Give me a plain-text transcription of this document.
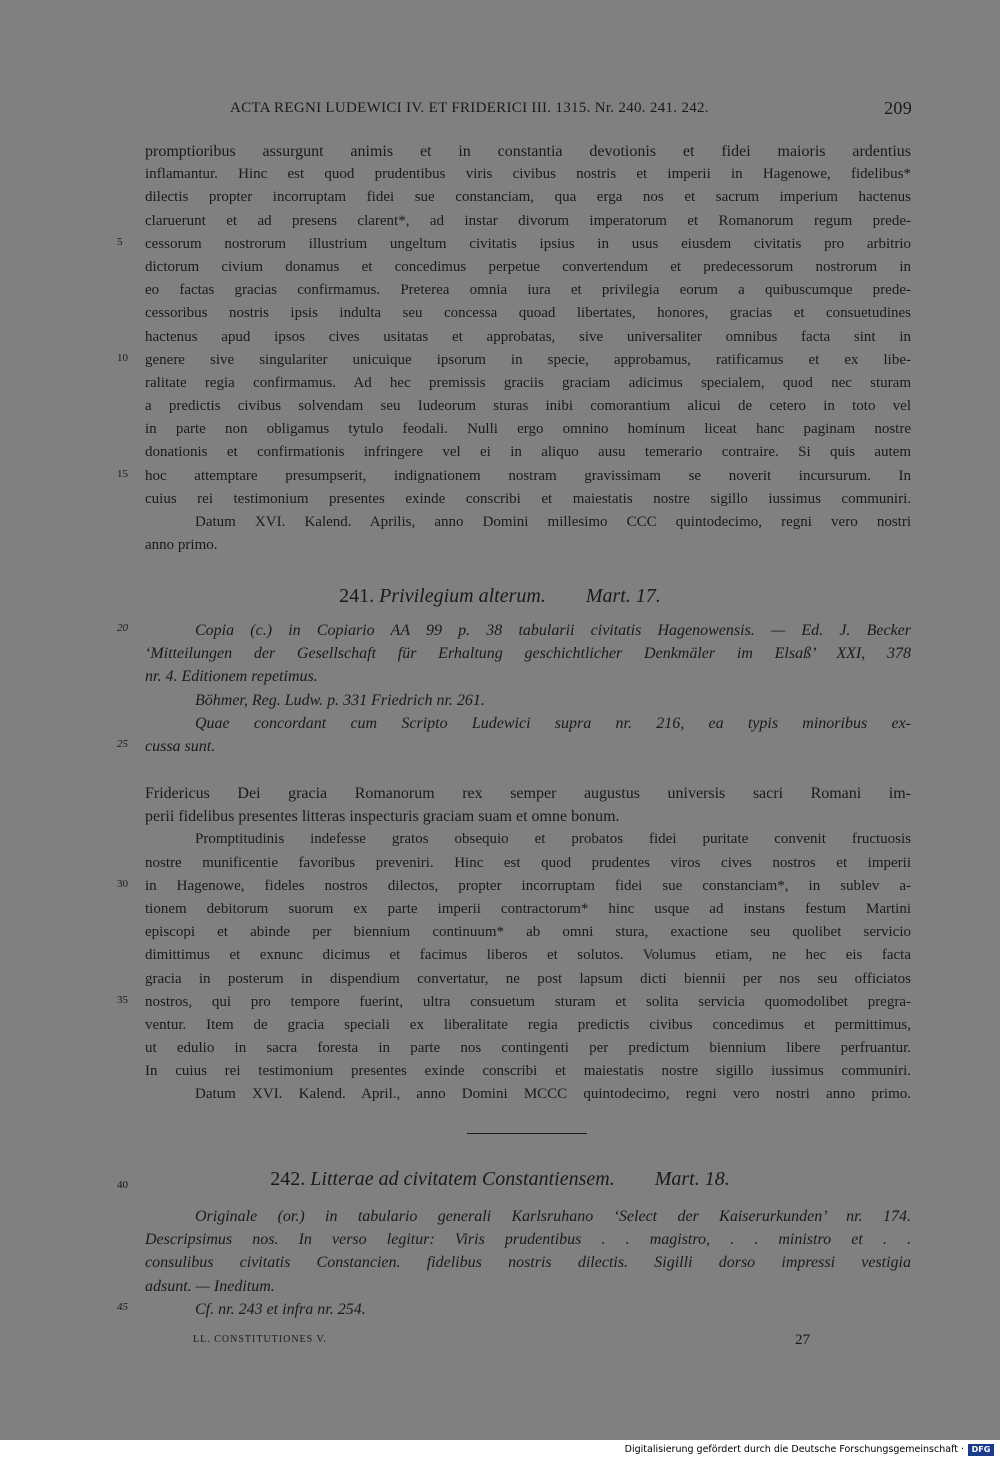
ACTA REGNI LUDEWICI IV. ET FRIDERICI III. 1315. Nr. 240. 241. 242.	209
promptioribus assurgunt animis et in constantia devotionis et fidei maioris ardentius
inflamantur. Hinc est quod prudentibus viris civibus nostris et imperii in Hagenowe, fidelibus*
dilectis propter incorruptam fidei sue constanciam, qua erga nos et sacrum imperium hactenus
claruerunt et ad presens clarent*, ad instar divorum imperatorum et Romanorum regum prede-
5 cessorum nostrorum illustrium ungeltum civitatis ipsius in usus eiusdem civitatis pro arbitrio
dictorum civium donamus et concedimus perpetue convertendum et predecessorum nostrorum in
eo factas gracias confirmamus. Preterea omnia iura et privilegia eorum a quibuscumque prede-
cessoribus nostris ipsis indulta seu concessa quoad libertates, honores, gracias et consuetudines
hactenus apud ipsos cives usitatas et approbatas, sive universaliter omnibus facta sint in
10 genere sive singulariter unicuique ipsorum in specie, approbamus, ratificamus et ex libe-
ralitate regia confirmamus. Ad hec premissis graciis graciam adicimus specialem, quod nec sturam
a predictis civibus solvendam seu Iudeorum sturas inibi comorantium alicui de cetero in toto vel
in parte non obligamus tytulo feodali. Nulli ergo omnino hominum liceat hanc paginam nostre
donationis et confirmationis infringere vel ei in aliquo ausu temerario contraire. Si quis autem
15 hoc attemptare presumpserit, indignationem nostram gravissimam se noverit incursurum. In
cuius rei testimonium presentes exinde conscribi et maiestatis nostre sigillo iussimus communiri.
Datum XVI. Kalend. Aprilis, anno Domini millesimo CCC quintodecimo, regni vero nostri
anno primo.
241. Privilegium alterum. Mart. 17.
20	Copia (c.) in Copiario AA 99 p. 38 tabularii civitatis Hagenowensis. — Ed. J. Becker
‘Mitteilungen der Gesellschaft für Erhaltung geschichtlicher Denkmäler im Elsaß’ XXI, 378
nr. 4. Editionem repetimus.
Böhmer, Reg. Ludw. p. 331 Friedrich nr. 261.
Quae concordant cum Scripto Ludewici supra nr. 216, ea typis minoribus ex-
25 cussa sunt.
Fridericus Dei gracia Romanorum rex semper augustus universis sacri Romani im-
perii fidelibus presentes litteras inspecturis graciam suam et omne bonum.
Promptitudinis indefesse gratos obsequio et probatos fidei puritate convenit fructuosis
nostre munificentie favoribus preveniri. Hinc est quod prudentes viros cives nostros et imperii
30 in Hagenowe, fideles nostros dilectos, propter incorruptam fidei sue constanciam*, in sublev a-
tionem debitorum suorum ex parte imperii contractorum* hinc usque ad instans festum Martini
episcopi et abinde per biennium continuum* ab omni stura, exactione seu quolibet servicio
dimittimus et exnunc dicimus et facimus liberos et solutos. Volumus etiam, ne hec eis facta
gracia in posterum in dispendium convertatur, ne post lapsum dicti biennii per nos seu officiatos
35 nostros, qui pro tempore fuerint, ultra consuetum sturam et solita servicia quomodolibet pregra-
ventur. Item de gracia speciali ex liberalitate regia predictis civibus concedimus et permittimus,
ut edulio in sacra foresta in parte nos contingenti per predictum biennium libere perfruantur.
In cuius rei testimonium presentes exinde conscribi et maiestatis nostre sigillo iussimus communiri.
Datum XVI. Kalend. April., anno Domini MCCC quintodecimo, regni vero nostri anno primo.
242. Litterae ad civitatem Constantiensem. Mart. 18.
40
Originale (or.) in tabulario generali Karlsruhano ‘Select der Kaiserurkunden’ nr. 174.
Descripsimus nos. In verso legitur: Viris prudentibus . . magistro, . . ministro et . .
consulibus civitatis Constancien. fidelibus nostris dilectis. Sigilli dorso impressi vestigia
adsunt. — Ineditum.
45	Cf. nr. 243 et infra nr. 254.
LL. CONSTITUTIONES V.	27
Digitalisierung gefördert durch die Deutsche Forschungsgemeinschaft · DFG
